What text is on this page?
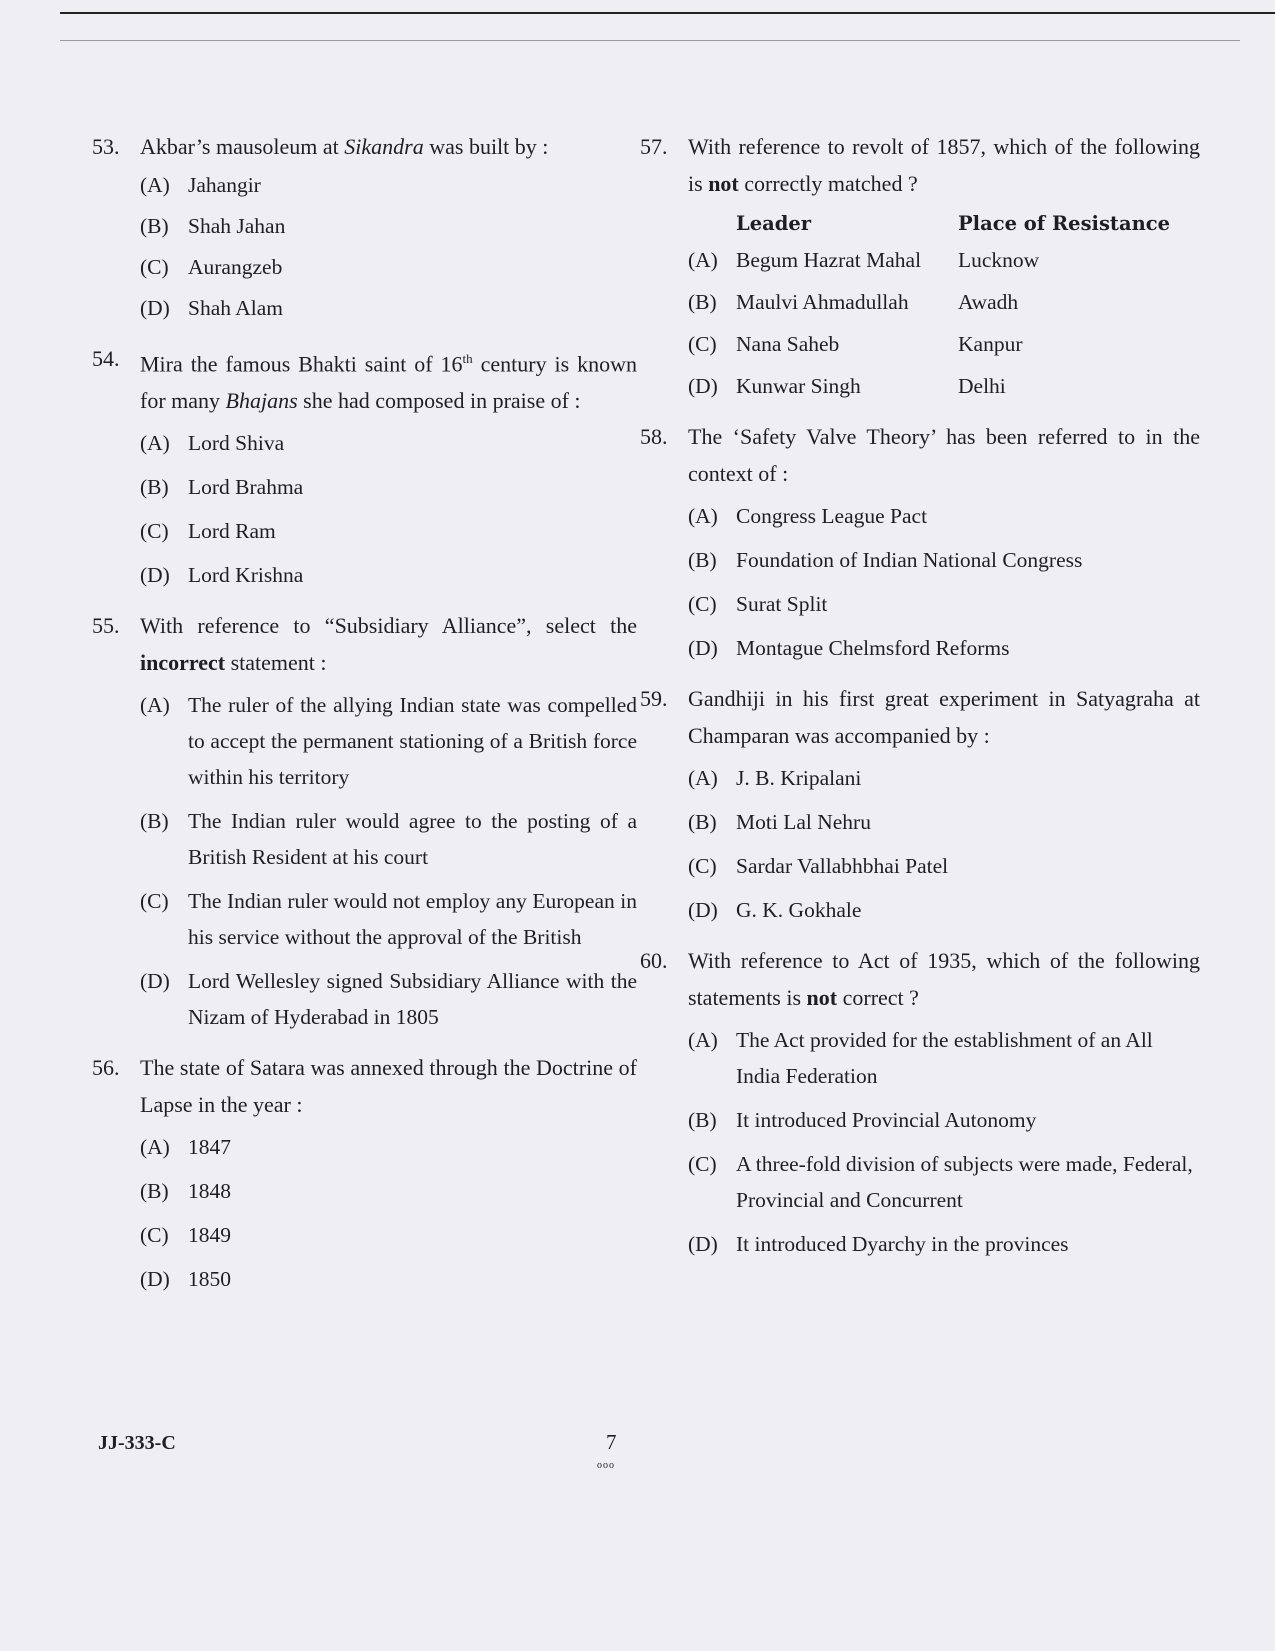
53. Akbar’s mausoleum at Sikandra was built by :
(A) Jahangir
(B) Shah Jahan
(C) Aurangzeb
(D) Shah Alam
54. Mira the famous Bhakti saint of 16th century is known for many Bhajans she had composed in praise of :
(A) Lord Shiva
(B) Lord Brahma
(C) Lord Ram
(D) Lord Krishna
55. With reference to “Subsidiary Alliance”, select the incorrect statement :
(A) The ruler of the allying Indian state was compelled to accept the permanent stationing of a British force within his territory
(B) The Indian ruler would agree to the posting of a British Resident at his court
(C) The Indian ruler would not employ any European in his service without the approval of the British
(D) Lord Wellesley signed Subsidiary Alliance with the Nizam of Hyderabad in 1805
56. The state of Satara was annexed through the Doctrine of Lapse in the year :
(A) 1847
(B) 1848
(C) 1849
(D) 1850
57. With reference to revolt of 1857, which of the following is not correctly matched ?
Leader	Place of Resistance
(A) Begum Hazrat Mahal	Lucknow
(B) Maulvi Ahmadullah	Awadh
(C) Nana Saheb	Kanpur
(D) Kunwar Singh	Delhi
58. The ‘Safety Valve Theory’ has been referred to in the context of :
(A) Congress League Pact
(B) Foundation of Indian National Congress
(C) Surat Split
(D) Montague Chelmsford Reforms
59. Gandhiji in his first great experiment in Satyagraha at Champaran was accompanied by :
(A) J. B. Kripalani
(B) Moti Lal Nehru
(C) Sardar Vallabhbhai Patel
(D) G. K. Gokhale
60. With reference to Act of 1935, which of the following statements is not correct ?
(A) The Act provided for the establishment of an All India Federation
(B) It introduced Provincial Autonomy
(C) A three-fold division of subjects were made, Federal, Provincial and Concurrent
(D) It introduced Dyarchy in the provinces
JJ-333-C	7
ooo
